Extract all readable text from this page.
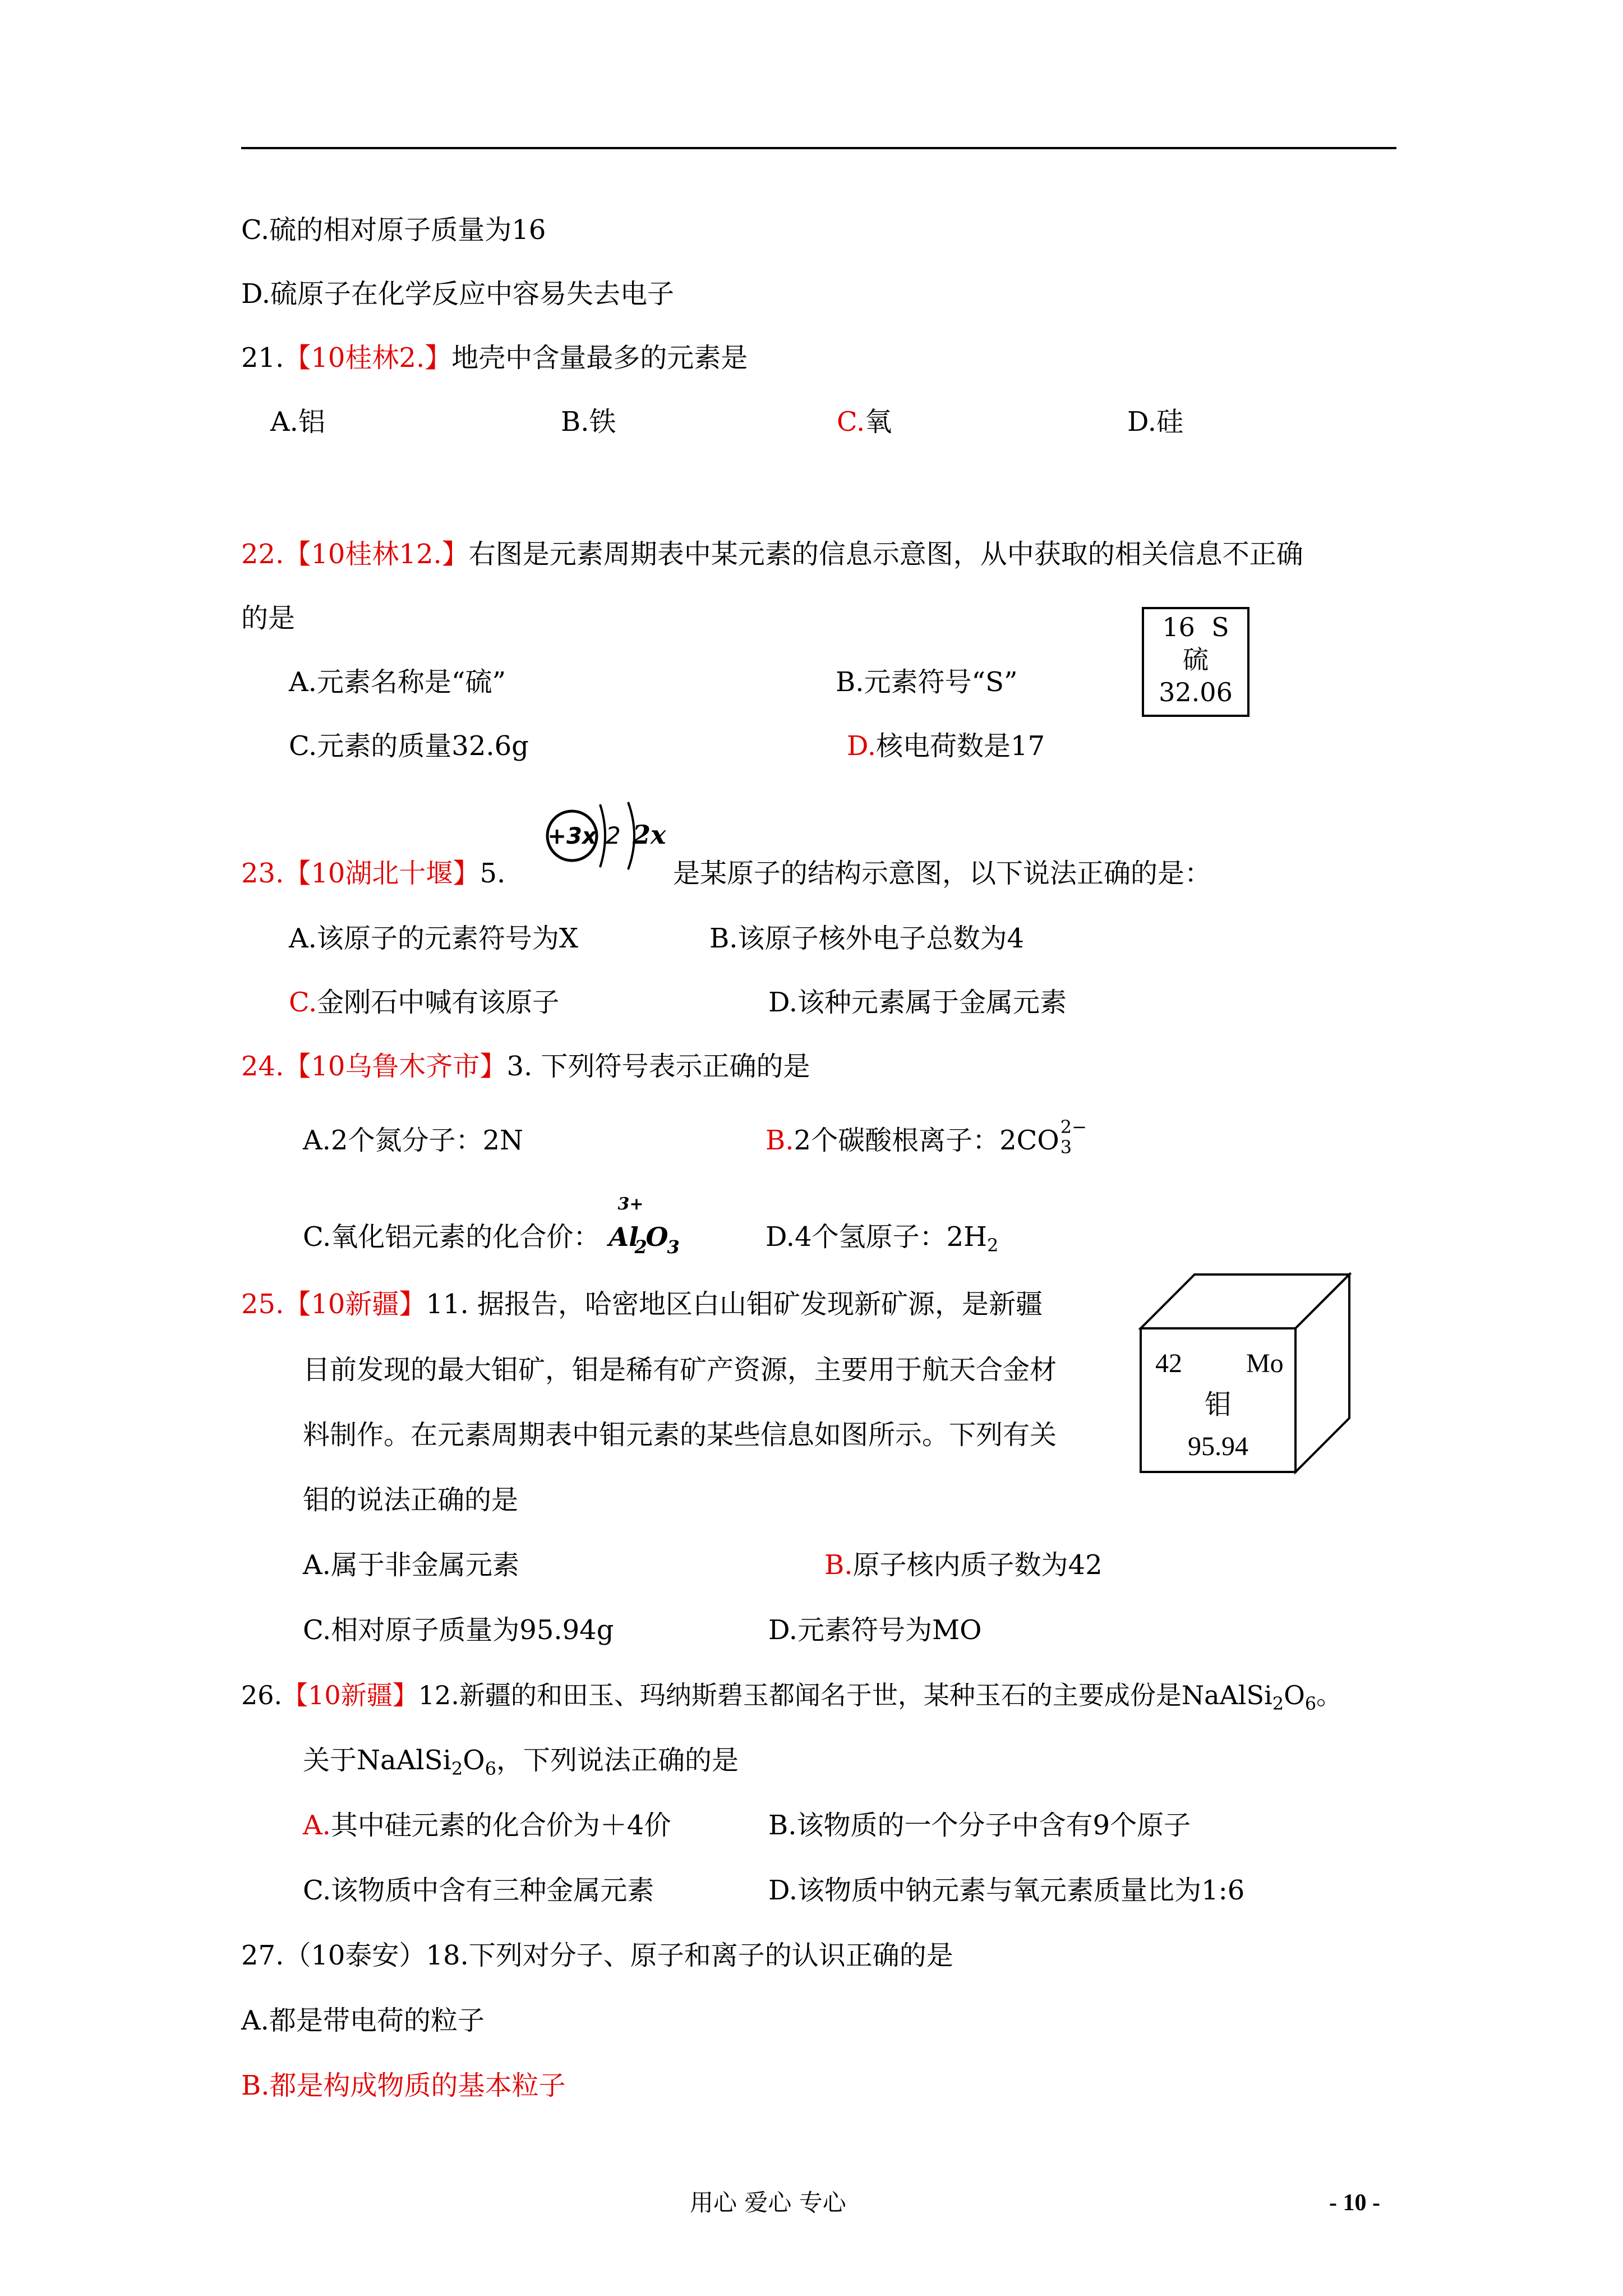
C.硫的相对原子质量为16
D.硫原子在化学反应中容易失去电子
21.【10桂林2.】地壳中含量最多的元素是
A.铝	B.铁	C.氧	D.硅
22.【10桂林12.】右图是元素周期表中某元素的信息示意图，从中获取的相关信息不正确
的是
A.元素名称是“硫”	B.元素符号“S”
C.元素的质量32.6g	D.核电荷数是17
16 S
硫
32.06
23.【10湖北十堰】5.
+3x 2 2x
是某原子的结构示意图，以下说法正确的是：
A.该原子的元素符号为X	B.该原子核外电子总数为4
C.金刚石中喊有该原子	D.该种元素属于金属元素
24.【10乌鲁木齐市】3. 下列符号表示正确的是
A.2个氮分子：2N	B.2个碳酸根离子：2CO 2−
3
C.氧化铝元素的化合价：
3+
Al
2
O
3	D.4个氢原子：$2H_2$
25.【10新疆】11. 据报告，哈密地区白山钼矿发现新矿源，是新疆
目前发现的最大钼矿，钼是稀有矿产资源，主要用于航天合金材
料制作。在元素周期表中钼元素的某些信息如图所示。下列有关
钼的说法正确的是
42 Mo
钼
95.94
A.属于非金属元素	B.原子核内质子数为42
C.相对原子质量为95.94g	D.元素符号为MO
26.【10新疆】12.新疆的和田玉、玛纳斯碧玉都闻名于世，某种玉石的主要成份是$NaAlSi_2O_6$。
关于$NaAlSi_2O_6$，下列说法正确的是
A.其中硅元素的化合价为＋4价	B.该物质的一个分子中含有9个原子
C.该物质中含有三种金属元素	D.该物质中钠元素与氧元素质量比为1:6
27.（10泰安）18.下列对分子、原子和离子的认识正确的是
A.都是带电荷的粒子
B.都是构成物质的基本粒子
用心 爱心 专心	- 10 -
